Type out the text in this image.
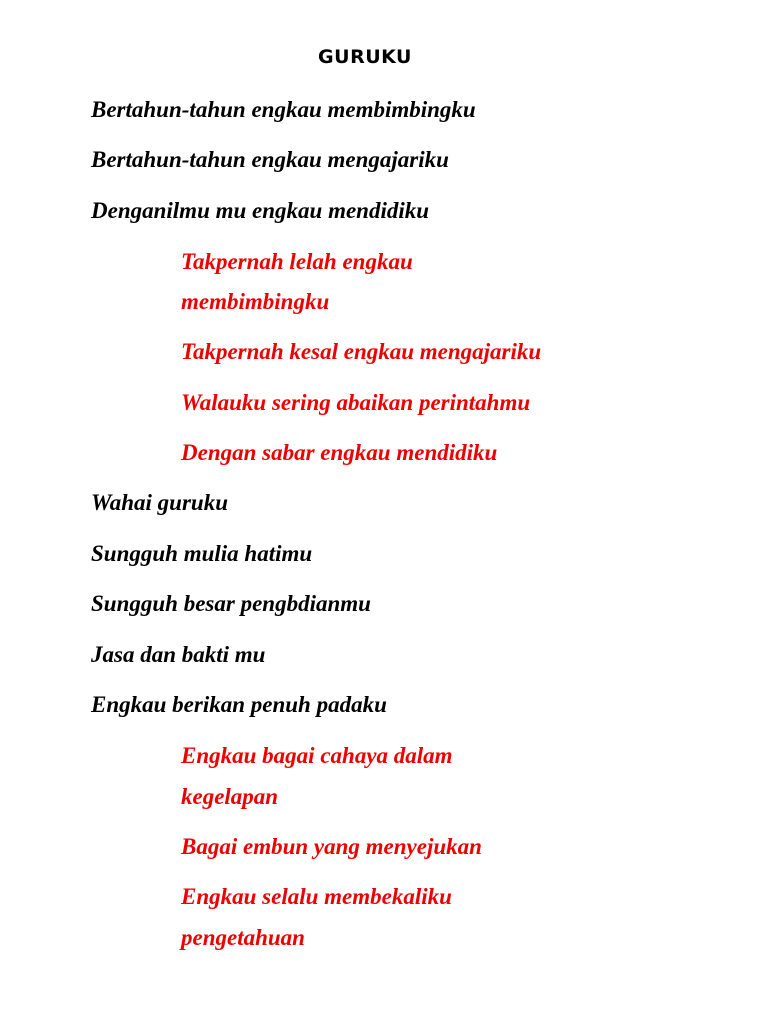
GURUKU
Bertahun-tahun engkau membimbingku
Bertahun-tahun engkau mengajariku
Denganilmu mu engkau mendidiku
Takpernah lelah engkau
membimbingku
Takpernah kesal engkau mengajariku
Walauku sering abaikan perintahmu
Dengan sabar engkau mendidiku
Wahai guruku
Sungguh mulia hatimu
Sungguh besar pengbdianmu
Jasa dan bakti mu
Engkau berikan penuh padaku
Engkau bagai cahaya dalam
kegelapan
Bagai embun yang menyejukan
Engkau selalu membekaliku
pengetahuan
